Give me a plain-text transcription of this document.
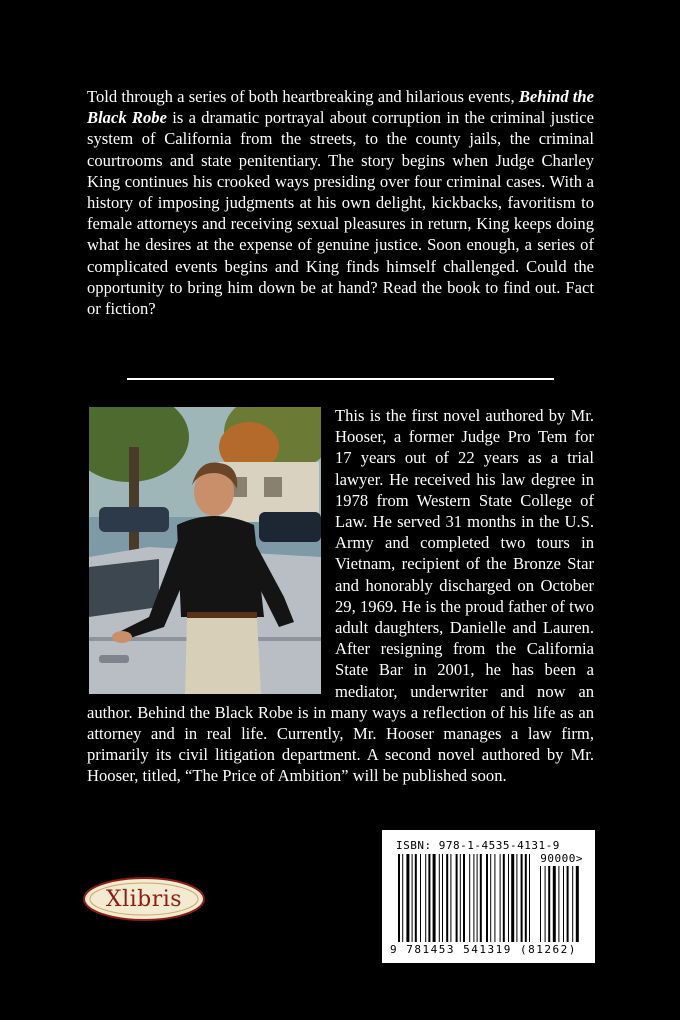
Told through a series of both heartbreaking and hilarious events, Behind the Black Robe is a dramatic portrayal about corruption in the criminal justice system of California from the streets, to the county jails, the criminal courtrooms and state penitentiary. The story begins when Judge Charley King continues his crooked ways presiding over four criminal cases. With a history of imposing judgments at his own delight, kickbacks, favoritism to female attorneys and receiving sexual pleasures in return, King keeps doing what he desires at the expense of genuine justice. Soon enough, a series of complicated events begins and King finds himself challenged. Could the opportunity to bring him down be at hand? Read the book to find out. Fact or fiction?

This is the first novel authored by Mr. Hooser, a former Judge Pro Tem for 17 years out of 22 years as a trial lawyer. He received his law degree in 1978 from Western State College of Law. He served 31 months in the U.S. Army and completed two tours in Vietnam, recipient of the Bronze Star and honorably discharged on October 29, 1969. He is the proud father of two adult daughters, Danielle and Lauren. After resigning from the California State Bar in 2001, he has been a mediator, underwriter and now an author. Behind the Black Robe is in many ways a reflection of his life as an attorney and in real life. Currently, Mr. Hooser manages a law firm, primarily its civil litigation department. A second novel authored by Mr. Hooser, titled, “The Price of Ambition” will be published soon.
Xlibris
ISBN: 978-1-4535-4131-9
90000>
9 781453 541319 (81262)
